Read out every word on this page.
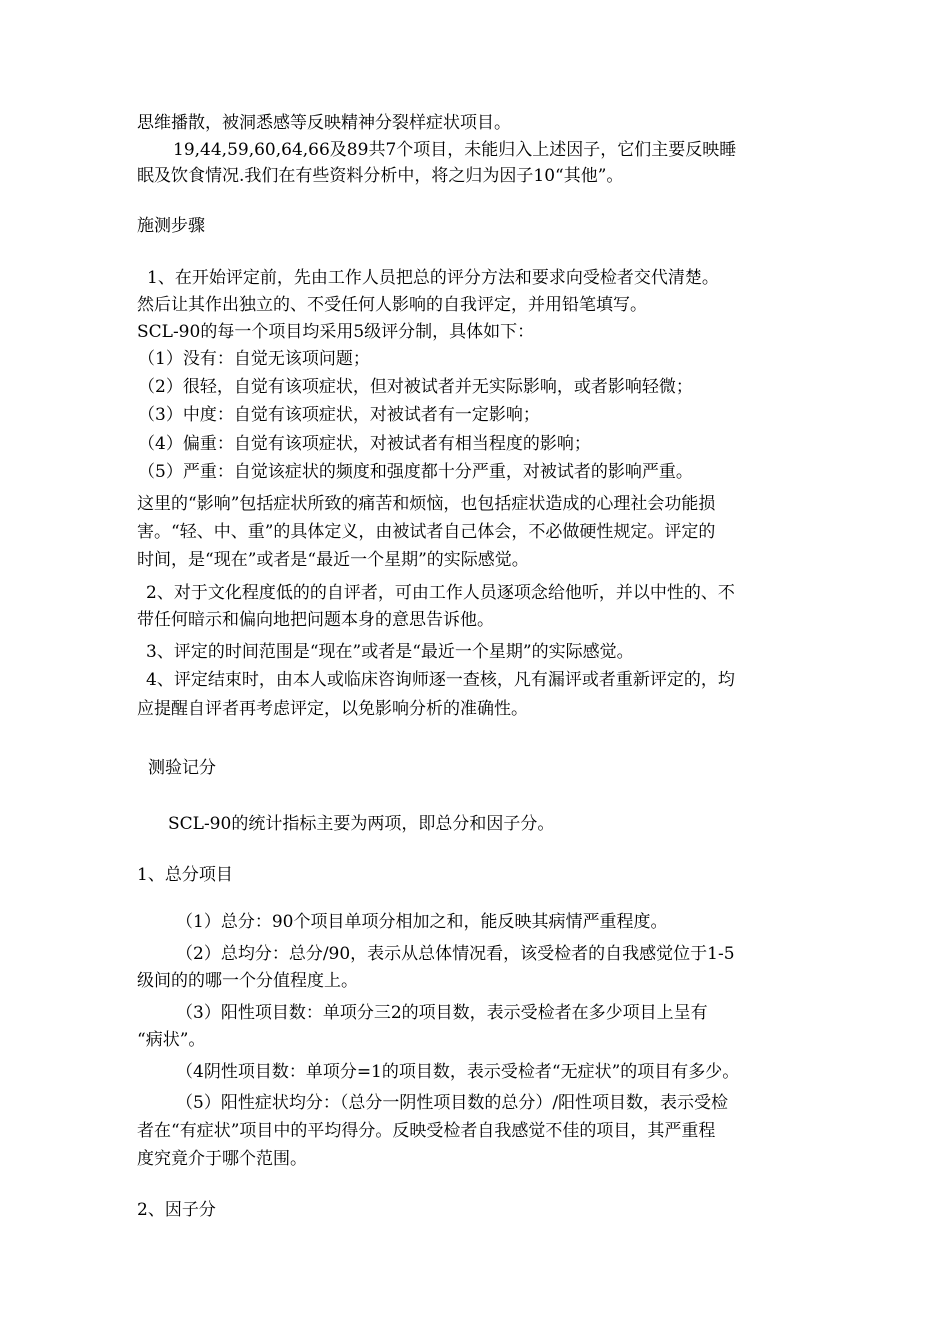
思维播散，被洞悉感等反映精神分裂样症状项目。

19,44,59,60,64,66及89共7个项目，未能归入上述因子，它们主要反映睡

眠及饮食情况.我们在有些资料分析中，将之归为因子10“其他”。

施测步骤

1、在开始评定前，先由工作人员把总的评分方法和要求向受检者交代清楚。

然后让其作出独立的、不受任何人影响的自我评定，并用铅笔填写。

SCL-90的每一个项目均采用5级评分制，具体如下：

（1）没有：自觉无该项问题；

（2）很轻，自觉有该项症状，但对被试者并无实际影响，或者影响轻微；

（3）中度：自觉有该项症状，对被试者有一定影响；

（4）偏重：自觉有该项症状，对被试者有相当程度的影响；

（5）严重：自觉该症状的频度和强度都十分严重，对被试者的影响严重。

这里的“影响”包括症状所致的痛苦和烦恼，也包括症状造成的心理社会功能损

害。“轻、中、重”的具体定义，由被试者自己体会，不必做硬性规定。评定的

时间，是“现在”或者是“最近一个星期”的实际感觉。

2、对于文化程度低的的自评者，可由工作人员逐项念给他听，并以中性的、不

带任何暗示和偏向地把问题本身的意思告诉他。

3、评定的时间范围是“现在”或者是“最近一个星期”的实际感觉。

4、评定结束时，由本人或临床咨询师逐一查核，凡有漏评或者重新评定的，均

应提醒自评者再考虑评定，以免影响分析的准确性。

测验记分

SCL-90的统计指标主要为两项，即总分和因子分。

1、总分项目

（1）总分：90个项目单项分相加之和，能反映其病情严重程度。

（2）总均分：总分/90，表示从总体情况看，该受检者的自我感觉位于1-5

级间的的哪一个分值程度上。

（3）阳性项目数：单项分三2的项目数，表示受检者在多少项目上呈有

“病状”。

（4阴性项目数：单项分=1的项目数，表示受检者“无症状”的项目有多少。

（5）阳性症状均分：（总分一阴性项目数的总分）/阳性项目数，表示受检

者在“有症状”项目中的平均得分。反映受检者自我感觉不佳的项目，其严重程

度究竟介于哪个范围。

2、因子分
